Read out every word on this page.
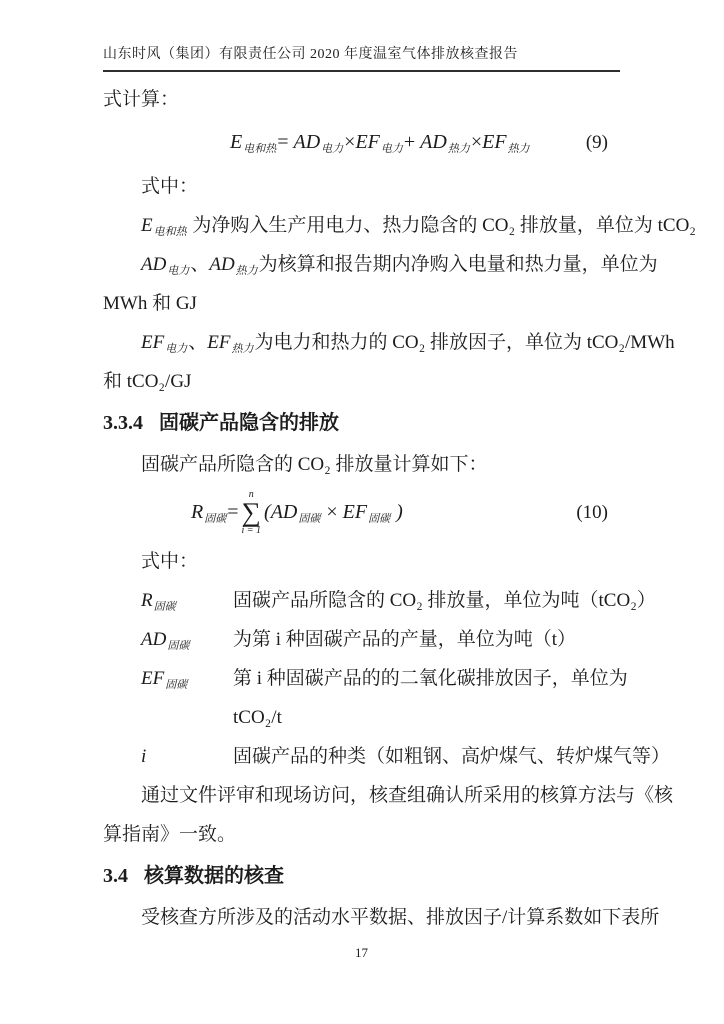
山东时风（集团）有限责任公司 2020 年度温室气体排放核查报告
式计算：
$E_{电和热}= AD_{电力}\times EF_{电力}+ AD_{热力}\times EF_{热力}$	(9)
式中：
$E_{电和热}$ 为净购入生产用电力、热力隐含的 CO₂ 排放量，单位为 tCO₂
$AD_{电力}$、$AD_{热力}$为核算和报告期内净购入电量和热力量，单位为
MWh 和 GJ
$EF_{电力}$、$EF_{热力}$为电力和热力的 CO₂ 排放因子，单位为 tCO₂/MWh
和 tCO₂/GJ
3.3.4 固碳产品隐含的排放
固碳产品所隐含的 CO₂ 排放量计算如下：
$R_{固碳}=$
n
∑
i = 1
($AD_{固碳} \times EF_{固碳}$ )	(10)
式中：
$R_{固碳}$	固碳产品所隐含的 CO₂ 排放量，单位为吨（tCO₂）
$AD_{固碳}$	为第 i 种固碳产品的产量，单位为吨（t）
$EF_{固碳}$	第 i 种固碳产品的的二氧化碳排放因子，单位为
tCO₂/t
i	固碳产品的种类（如粗钢、高炉煤气、转炉煤气等）
通过文件评审和现场访问，核查组确认所采用的核算方法与《核
算指南》一致。
3.4 核算数据的核查
受核查方所涉及的活动水平数据、排放因子/计算系数如下表所
17
